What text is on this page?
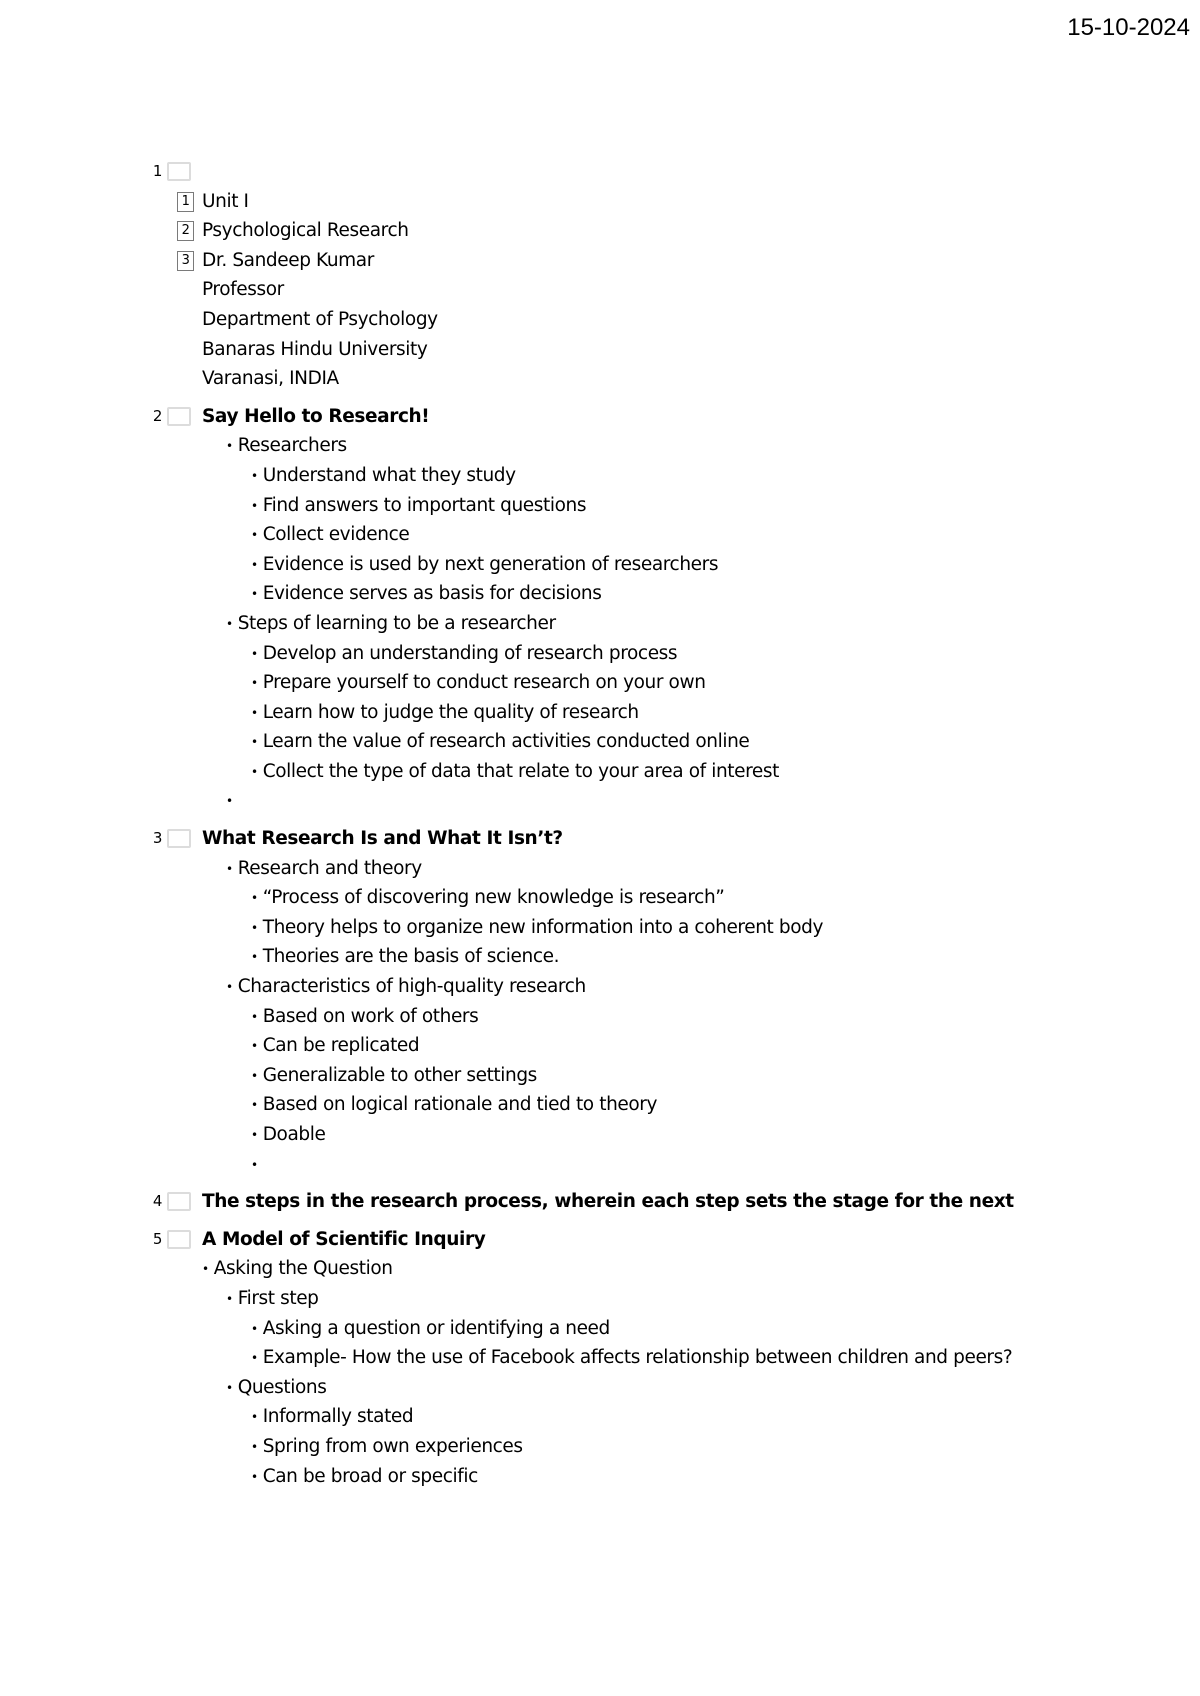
15-10-2024
1
1 Unit I
2 Psychological Research
3 Dr. Sandeep Kumar
Professor
Department of Psychology
Banaras Hindu University
Varanasi, INDIA
2 Say Hello to Research!
• Researchers
• Understand what they study
• Find answers to important questions
• Collect evidence
• Evidence is used by next generation of researchers
• Evidence serves as basis for decisions
• Steps of learning to be a researcher
• Develop an understanding of research process
• Prepare yourself to conduct research on your own
• Learn how to judge the quality of research
• Learn the value of research activities conducted online
• Collect the type of data that relate to your area of interest
•
3 What Research Is and What It Isn’t?
• Research and theory
• “Process of discovering new knowledge is research”
• Theory helps to organize new information into a coherent body
• Theories are the basis of science.
• Characteristics of high-quality research
• Based on work of others
• Can be replicated
• Generalizable to other settings
• Based on logical rationale and tied to theory
• Doable
•
4 The steps in the research process, wherein each step sets the stage for the next
5 A Model of Scientific Inquiry
• Asking the Question
• First step
• Asking a question or identifying a need
• Example- How the use of Facebook affects relationship between children and peers?
• Questions
• Informally stated
• Spring from own experiences
• Can be broad or specific
